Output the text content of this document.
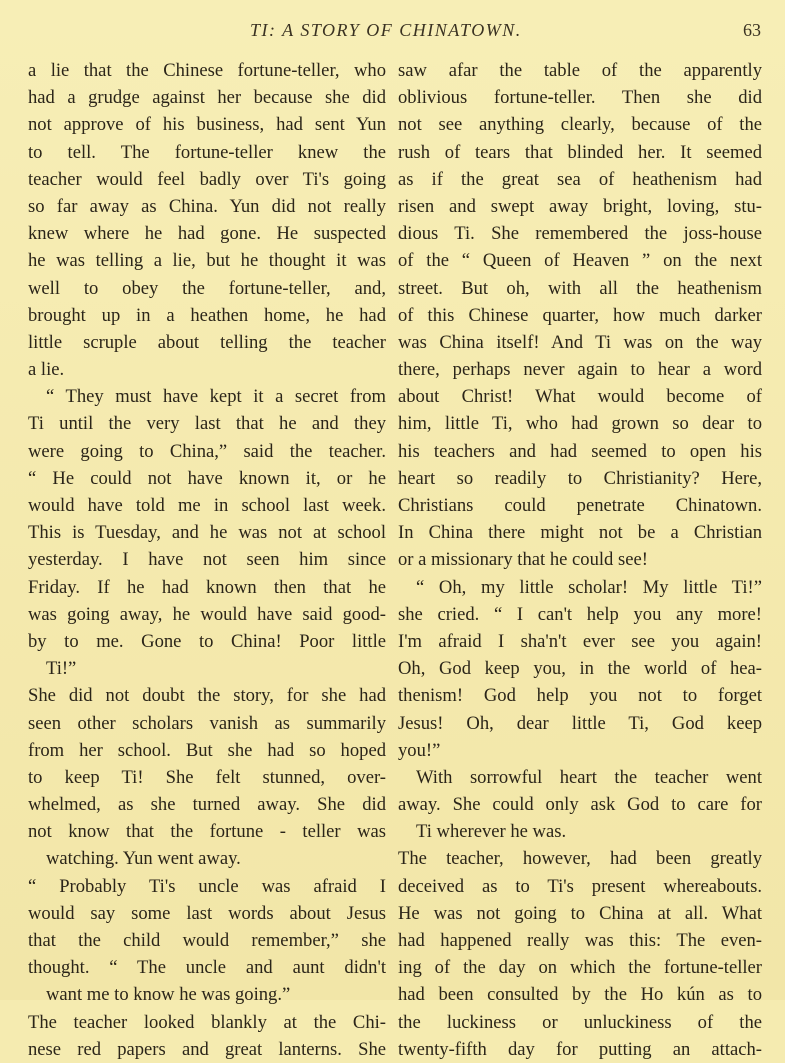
TI: A STORY OF CHINATOWN.	63
a lie that the Chinese fortune-teller, who
had a grudge against her because she did
not approve of his business, had sent Yun
to tell. The fortune-teller knew the
teacher would feel badly over Ti's going
so far away as China. Yun did not really
knew where he had gone. He suspected
he was telling a lie, but he thought it was
well to obey the fortune-teller, and,
brought up in a heathen home, he had
little scruple about telling the teacher
a lie.
“ They must have kept it a secret from
Ti until the very last that he and they
were going to China,” said the teacher.
“ He could not have known it, or he
would have told me in school last week.
This is Tuesday, and he was not at school
yesterday. I have not seen him since
Friday. If he had known then that he
was going away, he would have said good-
by to me. Gone to China! Poor little
Ti!”
She did not doubt the story, for she had
seen other scholars vanish as summarily
from her school. But she had so hoped
to keep Ti! She felt stunned, over-
whelmed, as she turned away. She did
not know that the fortune - teller was
watching. Yun went away.
“ Probably Ti's uncle was afraid I
would say some last words about Jesus
that the child would remember,” she
thought. “ The uncle and aunt didn't
want me to know he was going.”
The teacher looked blankly at the Chi-
nese red papers and great lanterns. She
saw afar the table of the apparently
oblivious fortune-teller. Then she did
not see anything clearly, because of the
rush of tears that blinded her. It seemed
as if the great sea of heathenism had
risen and swept away bright, loving, stu-
dious Ti. She remembered the joss-house
of the “ Queen of Heaven ” on the next
street. But oh, with all the heathenism
of this Chinese quarter, how much darker
was China itself! And Ti was on the way
there, perhaps never again to hear a word
about Christ! What would become of
him, little Ti, who had grown so dear to
his teachers and had seemed to open his
heart so readily to Christianity? Here,
Christians could penetrate Chinatown.
In China there might not be a Christian
or a missionary that he could see!
“ Oh, my little scholar! My little Ti!”
she cried. “ I can't help you any more!
I'm afraid I sha'n't ever see you again!
Oh, God keep you, in the world of hea-
thenism! God help you not to forget
Jesus! Oh, dear little Ti, God keep
you!”
With sorrowful heart the teacher went
away. She could only ask God to care for
Ti wherever he was.
The teacher, however, had been greatly
deceived as to Ti's present whereabouts.
He was not going to China at all. What
had happened really was this: The even-
ing of the day on which the fortune-teller
had been consulted by the Ho kún as to
the luckiness or unluckiness of the
twenty-fifth day for putting an attach-
